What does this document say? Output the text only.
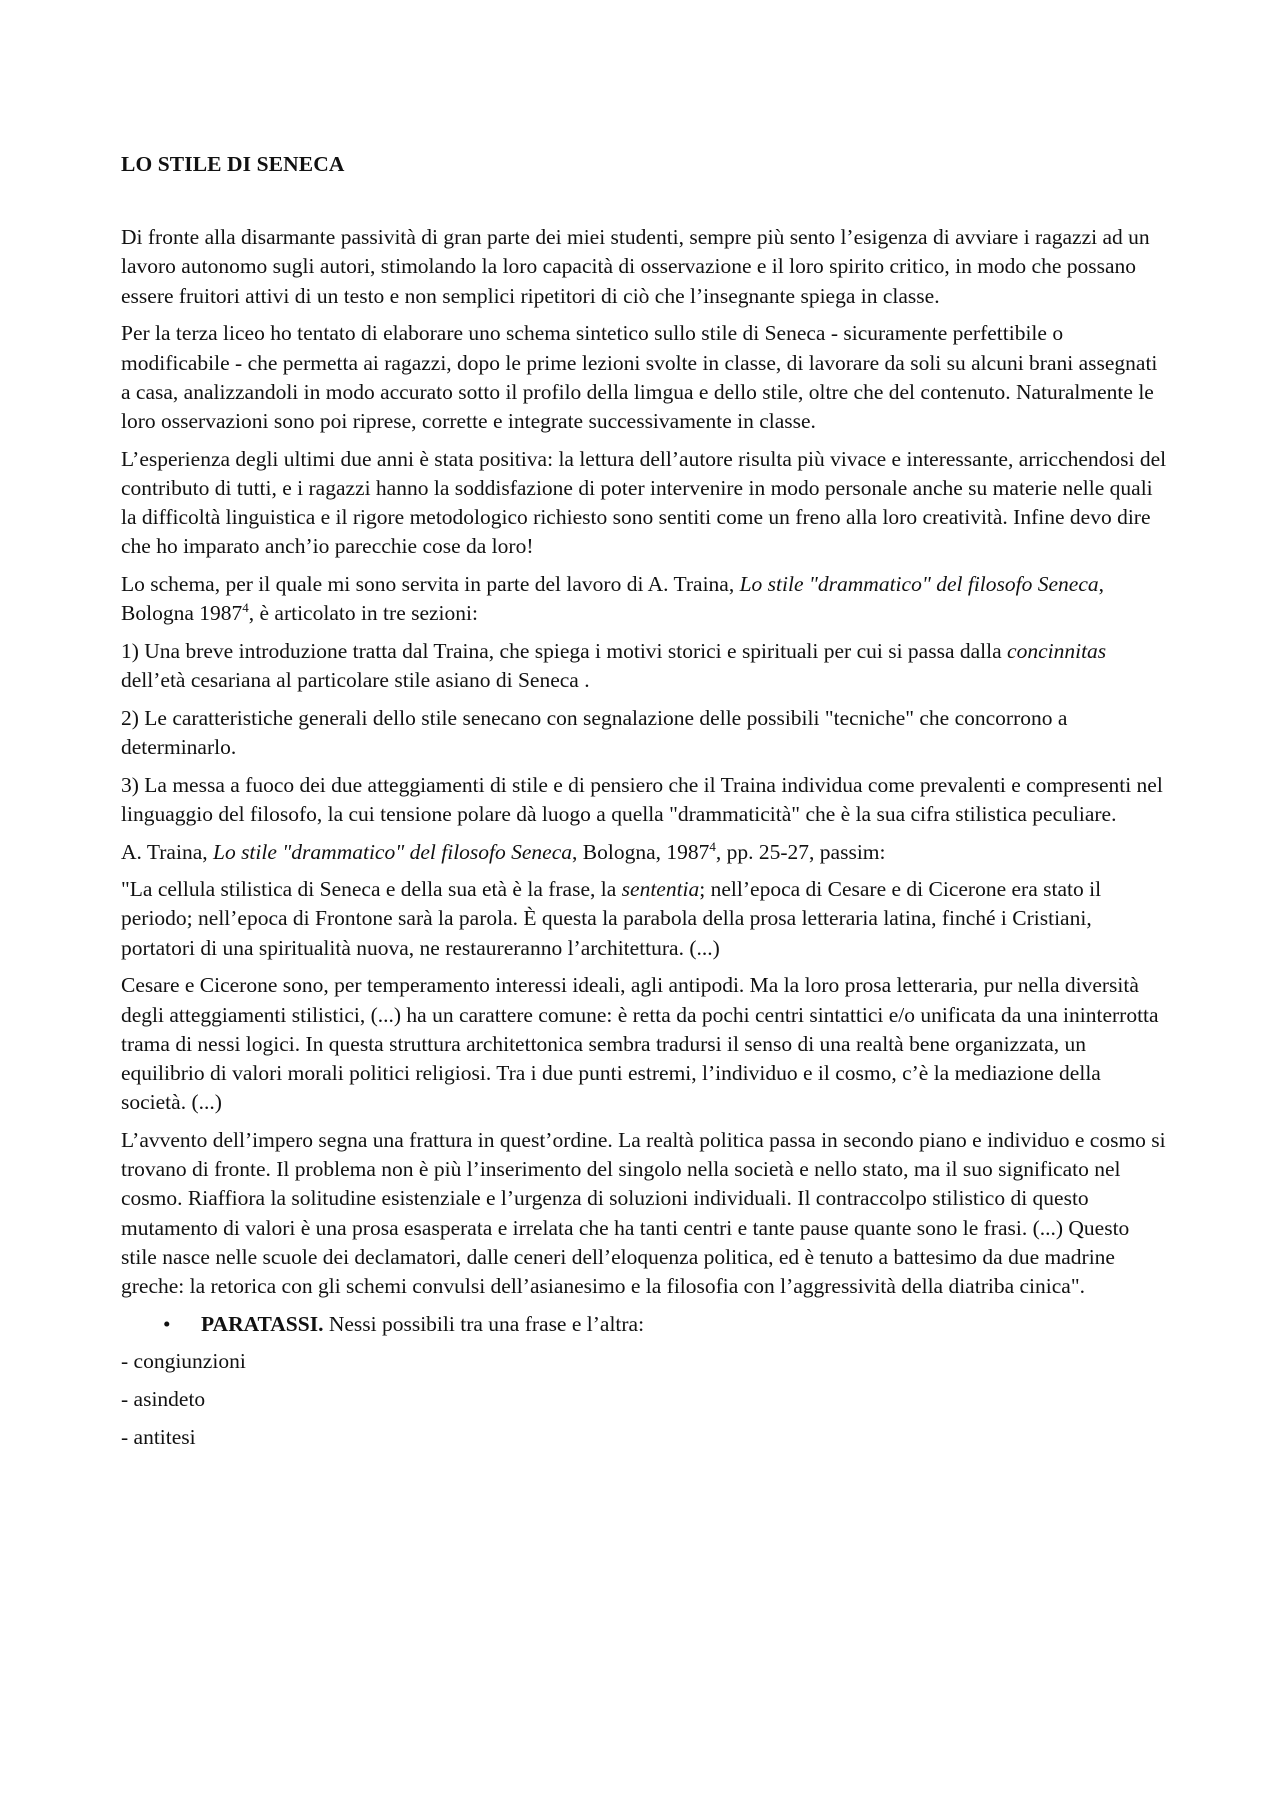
LO STILE DI SENECA

Di fronte alla disarmante passività di gran parte dei miei studenti, sempre più sento l’esigenza di avviare i ragazzi ad un lavoro autonomo sugli autori, stimolando la loro capacità di osservazione e il loro spirito critico, in modo che possano essere fruitori attivi di un testo e non semplici ripetitori di ciò che l’insegnante spiega in classe.

Per la terza liceo ho tentato di elaborare uno schema sintetico sullo stile di Seneca - sicuramente perfettibile o modificabile - che permetta ai ragazzi, dopo le prime lezioni svolte in classe, di lavorare da soli su alcuni brani assegnati a casa, analizzandoli in modo accurato sotto il profilo della limgua e dello stile, oltre che del contenuto. Naturalmente le loro osservazioni sono poi riprese, corrette e integrate successivamente in classe.

L’esperienza degli ultimi due anni è stata positiva: la lettura dell’autore risulta più vivace e interessante, arricchendosi del contributo di tutti, e i ragazzi hanno la soddisfazione di poter intervenire in modo personale anche su materie nelle quali la difficoltà linguistica e il rigore metodologico richiesto sono sentiti come un freno alla loro creatività. Infine devo dire che ho imparato anch’io parecchie cose da loro!

Lo schema, per il quale mi sono servita in parte del lavoro di A. Traina, Lo stile "drammatico" del filosofo Seneca, Bologna 1987$^4$, è articolato in tre sezioni:

1) Una breve introduzione tratta dal Traina, che spiega i motivi storici e spirituali per cui si passa dalla concinnitas dell’età cesariana al particolare stile asiano di Seneca .

2) Le caratteristiche generali dello stile senecano con segnalazione delle possibili "tecniche" che concorrono a determinarlo.

3) La messa a fuoco dei due atteggiamenti di stile e di pensiero che il Traina individua come prevalenti e compresenti nel linguaggio del filosofo, la cui tensione polare dà luogo a quella "drammaticità" che è la sua cifra stilistica peculiare.

A. Traina, Lo stile "drammatico" del filosofo Seneca, Bologna, 1987$^4$, pp. 25-27, passim:

"La cellula stilistica di Seneca e della sua età è la frase, la sententia; nell’epoca di Cesare e di Cicerone era stato il periodo; nell’epoca di Frontone sarà la parola. È questa la parabola della prosa letteraria latina, finché i Cristiani, portatori di una spiritualità nuova, ne restaureranno l’architettura. (...)

Cesare e Cicerone sono, per temperamento interessi ideali, agli antipodi. Ma la loro prosa letteraria, pur nella diversità degli atteggiamenti stilistici, (...) ha un carattere comune: è retta da pochi centri sintattici e/o unificata da una ininterrotta trama di nessi logici. In questa struttura architettonica sembra tradursi il senso di una realtà bene organizzata, un equilibrio di valori morali politici religiosi. Tra i due punti estremi, l’individuo e il cosmo, c’è la mediazione della società. (...)

L’avvento dell’impero segna una frattura in quest’ordine. La realtà politica passa in secondo piano e individuo e cosmo si trovano di fronte. Il problema non è più l’inserimento del singolo nella società e nello stato, ma il suo significato nel cosmo. Riaffiora la solitudine esistenziale e l’urgenza di soluzioni individuali. Il contraccolpo stilistico di questo mutamento di valori è una prosa esasperata e irrelata che ha tanti centri e tante pause quante sono le frasi. (...) Questo stile nasce nelle scuole dei declamatori, dalle ceneri dell’eloquenza politica, ed è tenuto a battesimo da due madrine greche: la retorica con gli schemi convulsi dell’asianesimo e la filosofia con l’aggressività della diatriba cinica".

• PARATASSI. Nessi possibili tra una frase e l’altra:
- congiunzioni
- asindeto
- antitesi
